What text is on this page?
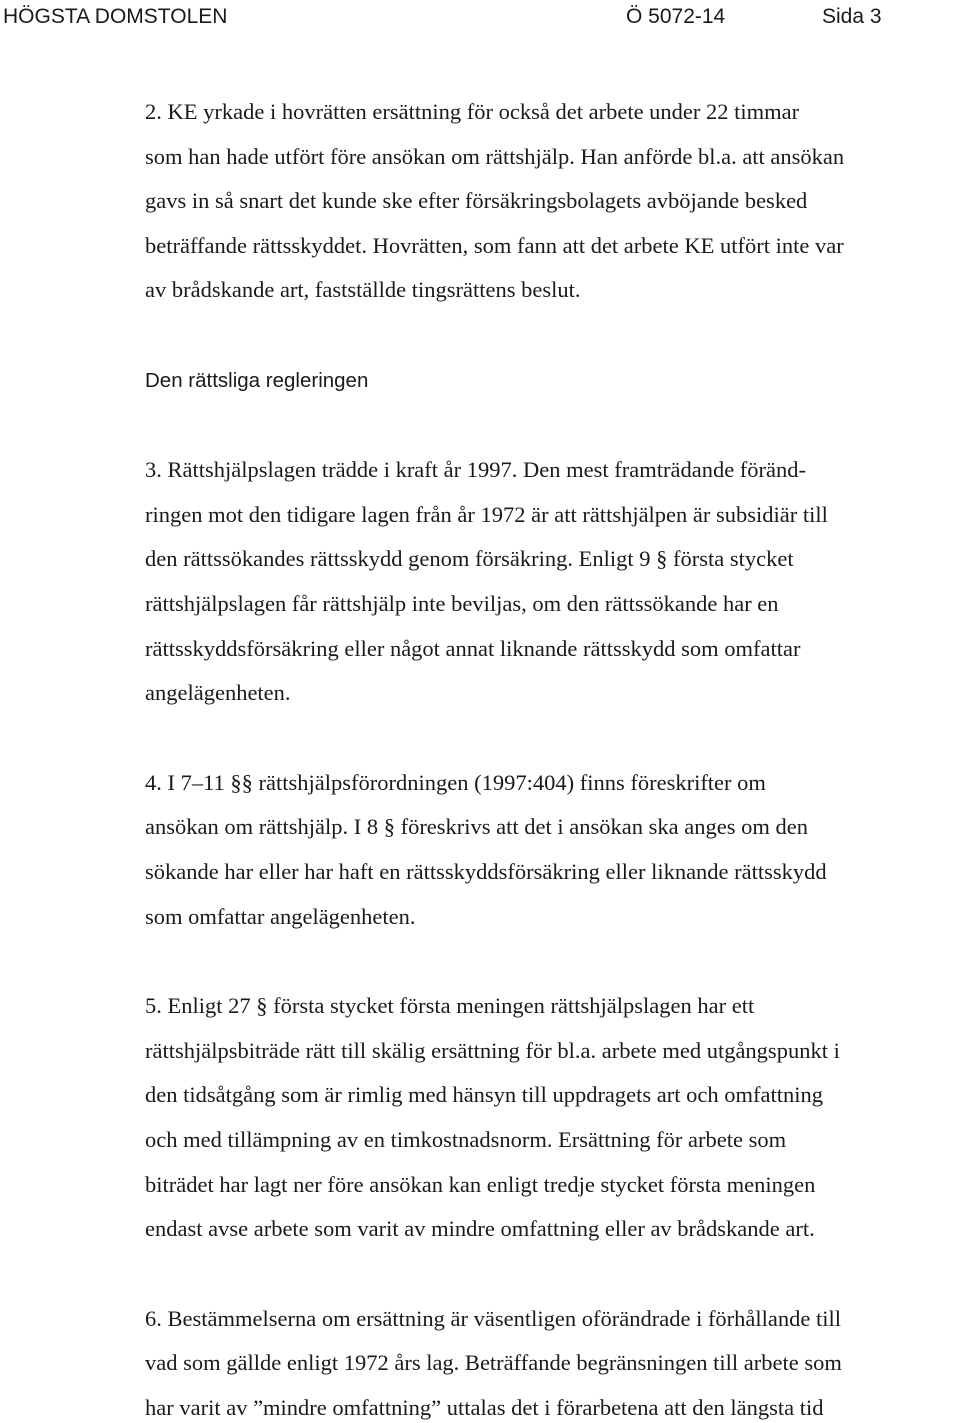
HÖGSTA DOMSTOLEN	Ö 5072-14	Sida 3
2. KE yrkade i hovrätten ersättning för också det arbete under 22 timmar
som han hade utfört före ansökan om rättshjälp. Han anförde bl.a. att ansökan
gavs in så snart det kunde ske efter försäkringsbolagets avböjande besked
beträffande rättsskyddet. Hovrätten, som fann att det arbete KE utfört inte var
av brådskande art, fastställde tingsrättens beslut.
Den rättsliga regleringen
3. Rättshjälpslagen trädde i kraft år 1997. Den mest framträdande föränd-
ringen mot den tidigare lagen från år 1972 är att rättshjälpen är subsidiär till
den rättssökandes rättsskydd genom försäkring. Enligt 9 § första stycket
rättshjälpslagen får rättshjälp inte beviljas, om den rättssökande har en
rättsskyddsförsäkring eller något annat liknande rättsskydd som omfattar
angelägenheten.
4. I 7–11 §§ rättshjälpsförordningen (1997:404) finns föreskrifter om
ansökan om rättshjälp. I 8 § föreskrivs att det i ansökan ska anges om den
sökande har eller har haft en rättsskyddsförsäkring eller liknande rättsskydd
som omfattar angelägenheten.
5. Enligt 27 § första stycket första meningen rättshjälpslagen har ett
rättshjälpsbiträde rätt till skälig ersättning för bl.a. arbete med utgångspunkt i
den tidsåtgång som är rimlig med hänsyn till uppdragets art och omfattning
och med tillämpning av en timkostnadsnorm. Ersättning för arbete som
biträdet har lagt ner före ansökan kan enligt tredje stycket första meningen
endast avse arbete som varit av mindre omfattning eller av brådskande art.
6. Bestämmelserna om ersättning är väsentligen oförändrade i förhållande till
vad som gällde enligt 1972 års lag. Beträffande begränsningen till arbete som
har varit av ”mindre omfattning” uttalas det i förarbetena att den längsta tid
